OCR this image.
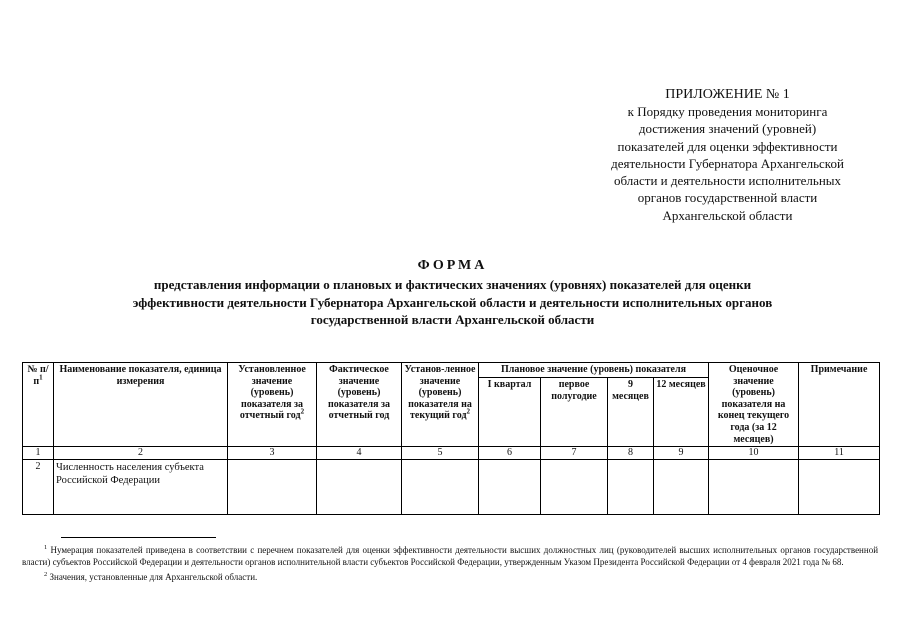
ПРИЛОЖЕНИЕ № 1
к Порядку проведения мониторинга
достижения значений (уровней)
показателей для оценки эффективности
деятельности Губернатора Архангельской
области и деятельности исполнительных
органов государственной власти
Архангельской области
ФОРМА
представления информации о плановых и фактических значениях (уровнях) показателей для оценки
эффективности деятельности Губернатора Архангельской области и деятельности исполнительных органов
государственной власти Архангельской области
№ $п/п^1$	Наименование показателя, единица измерения	Установленное значение (уровень) показателя за отчетный год$^2$	Фактическое значение (уровень) показателя за отчетный год	Установ-ленное значение (уровень) показателя на текущий год$^2$	Плановое значение (уровень) показателя				Оценочное значение (уровень) показателя на конец текущего года (за 12 месяцев)	Примечание
					I квартал	первое полугодие	9 месяцев	12 месяцев		
1	2	3	4	5	6	7	8	9	10	11
2	Численность населения субъекта Российской Федерации									

$^1$ Нумерация показателей приведена в соответствии с перечнем показателей для оценки эффективности деятельности высших должностных лиц (руководителей высших исполнительных органов государственной власти) субъектов Российской Федерации и деятельности органов исполнительной власти субъектов Российской Федерации, утвержденным Указом Президента Российской Федерации от 4 февраля 2021 года № 68.

$^2$ Значения, установленные для Архангельской области.
